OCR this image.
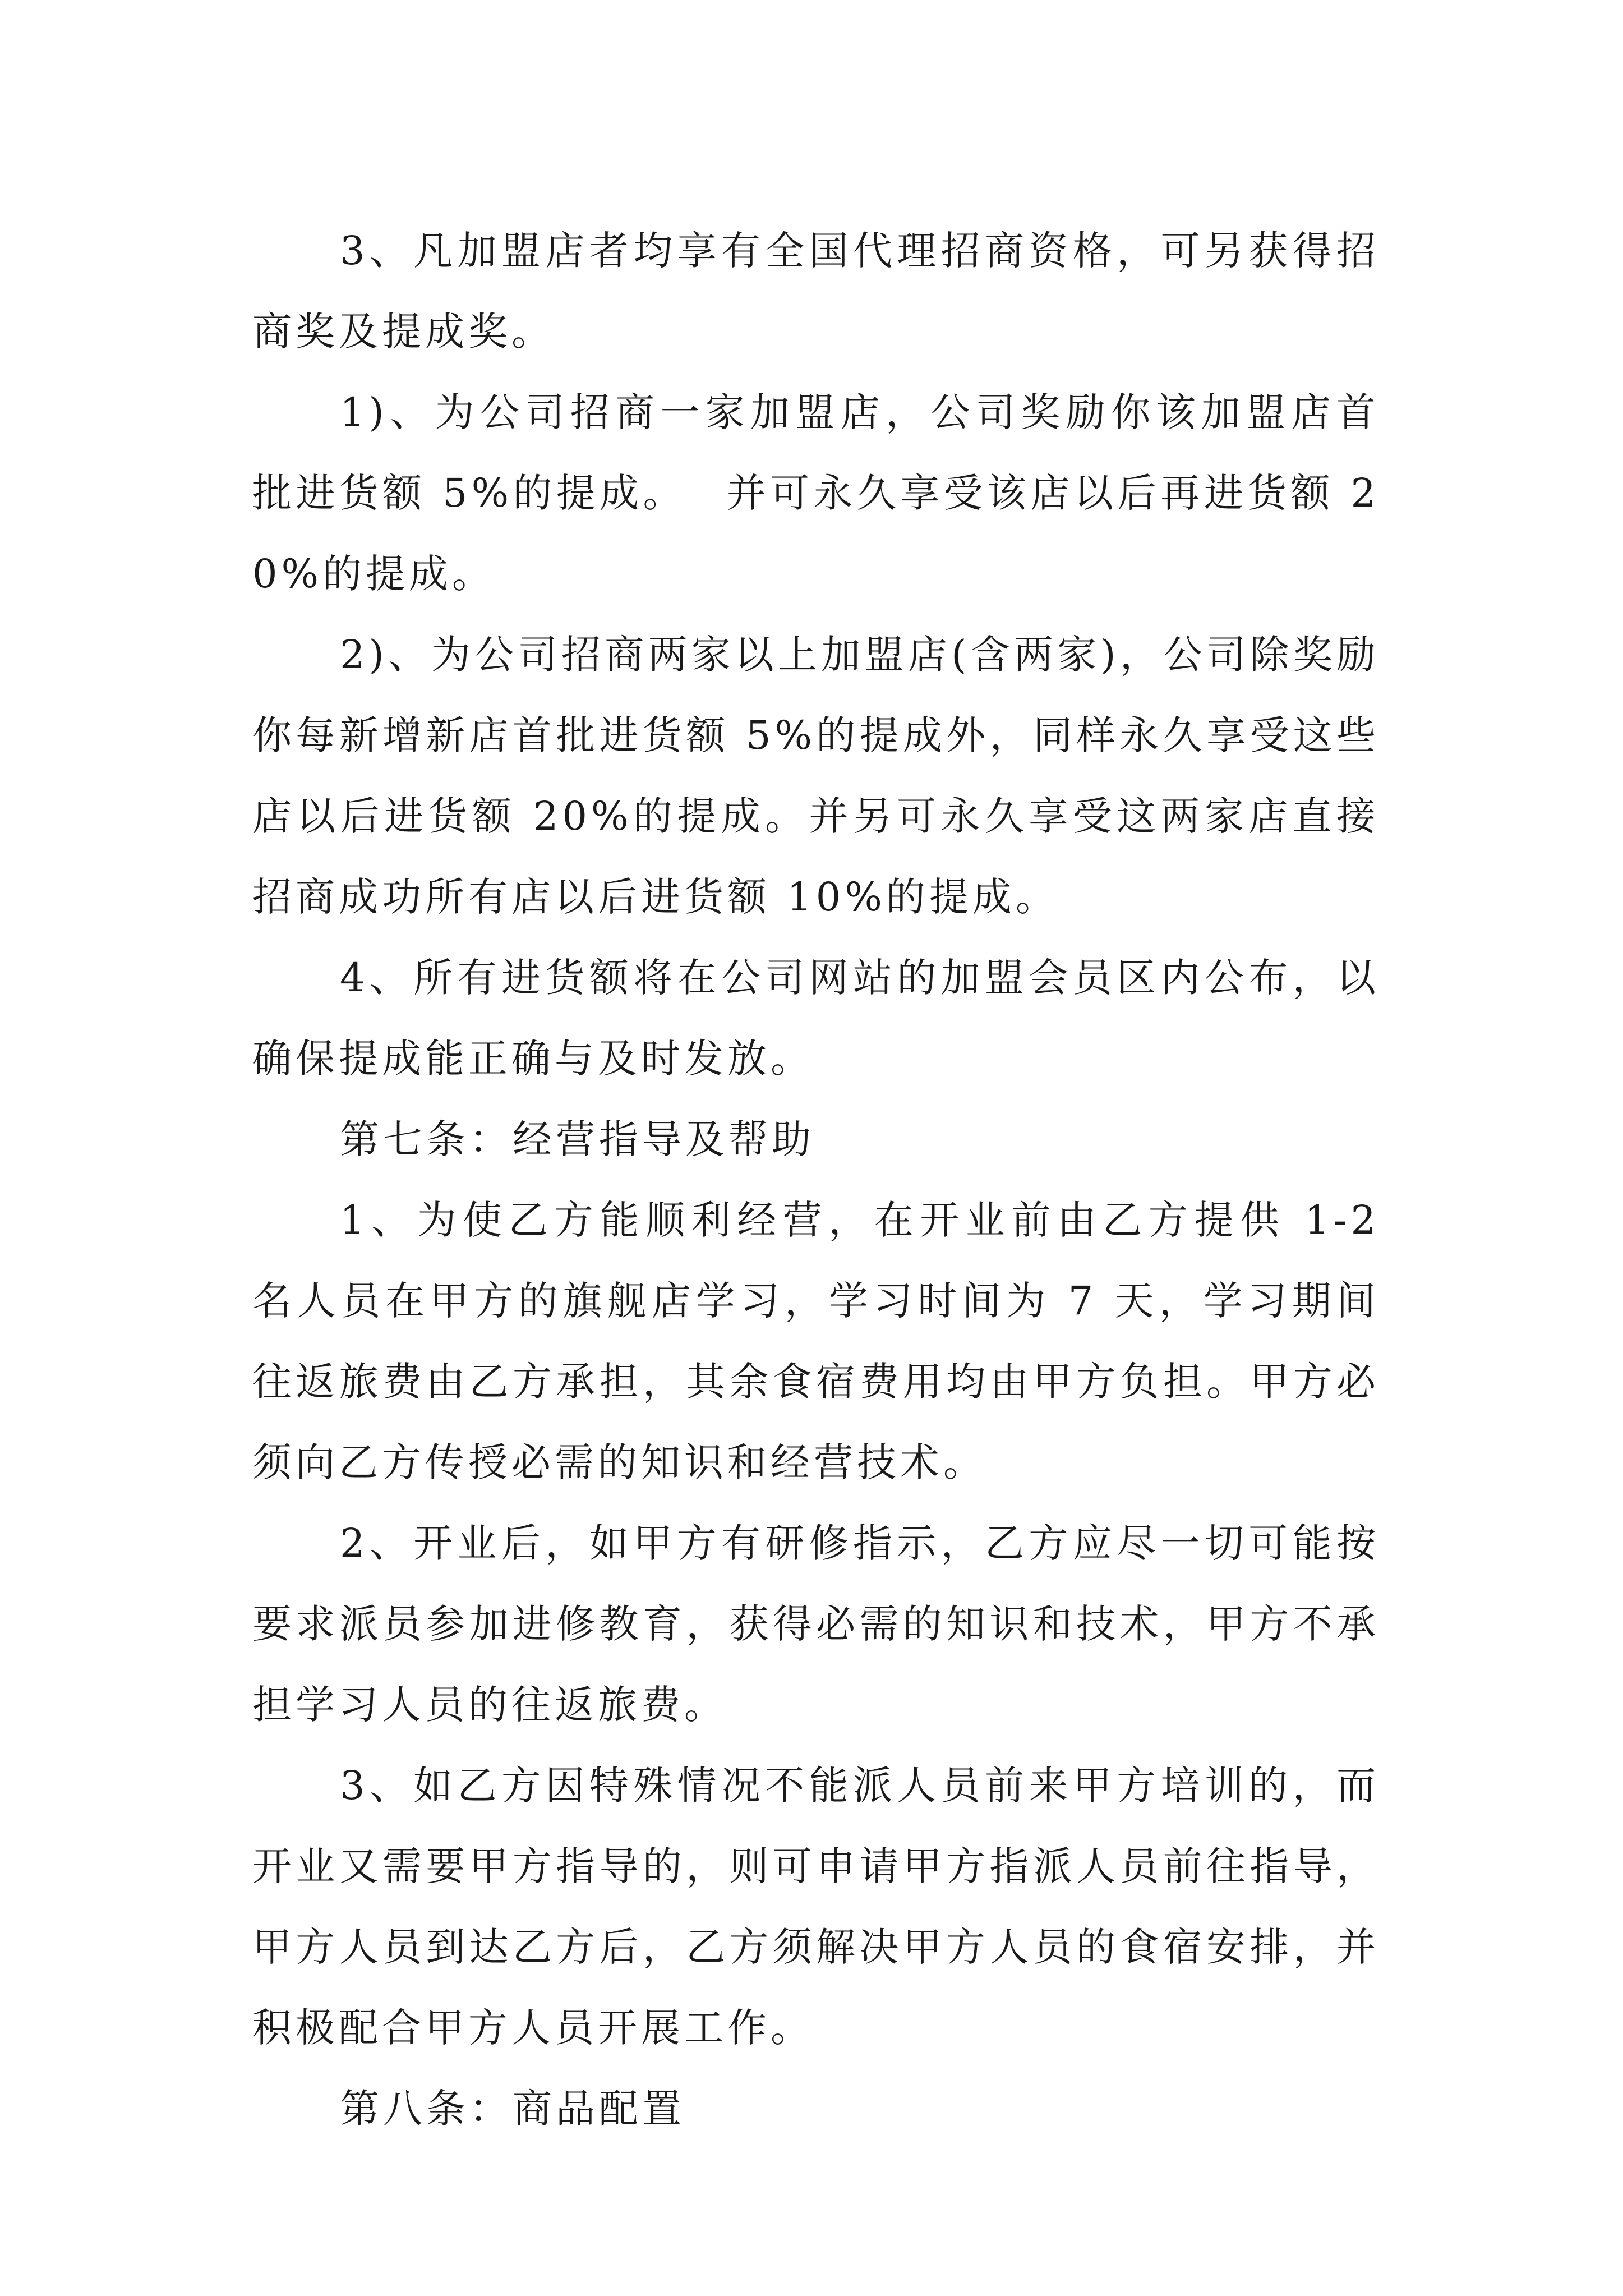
3、凡加盟店者均享有全国代理招商资格，可另获得招商奖及提成奖。

1)、为公司招商一家加盟店，公司奖励你该加盟店首批进货额 5%的提成。　 并可永久享受该店以后再进货额 20%的提成。

2)、为公司招商两家以上加盟店(含两家)，公司除奖励你每新增新店首批进货额 5%的提成外，同样永久享受这些店以后进货额 20%的提成。并另可永久享受这两家店直接招商成功所有店以后进货额 10%的提成。

4、所有进货额将在公司网站的加盟会员区内公布，以确保提成能正确与及时发放。

第七条：经营指导及帮助

1、为使乙方能顺利经营，在开业前由乙方提供 1-2 名人员在甲方的旗舰店学习，学习时间为 7 天，学习期间往返旅费由乙方承担，其余食宿费用均由甲方负担。甲方必须向乙方传授必需的知识和经营技术。

2、开业后，如甲方有研修指示，乙方应尽一切可能按要求派员参加进修教育，获得必需的知识和技术，甲方不承担学习人员的往返旅费。

3、如乙方因特殊情况不能派人员前来甲方培训的，而开业又需要甲方指导的，则可申请甲方指派人员前往指导，甲方人员到达乙方后，乙方须解决甲方人员的食宿安排，并积极配合甲方人员开展工作。

第八条：商品配置
